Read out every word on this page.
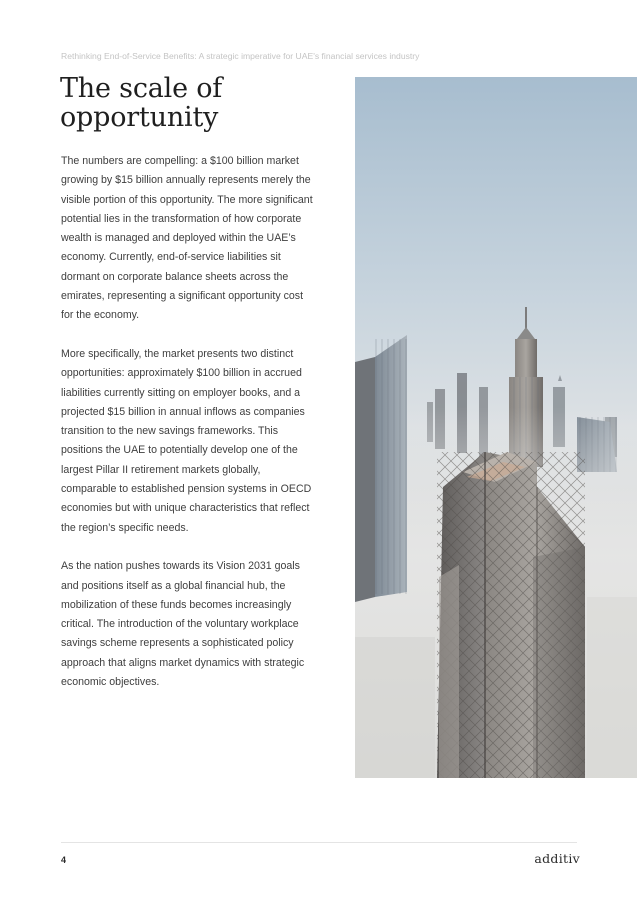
Rethinking End-of-Service Benefits: A strategic imperative for UAE's financial services industry
The scale of opportunity

The numbers are compelling: a $100 billion market growing by $15 billion annually represents merely the visible portion of this opportunity. The more significant potential lies in the transformation of how corporate wealth is managed and deployed within the UAE’s economy. Currently, end-of-service liabilities sit dormant on corporate balance sheets across the emirates, representing a significant opportunity cost for the economy.

More specifically, the market presents two distinct opportunities: approximately $100 billion in accrued liabilities currently sitting on employer books, and a projected $15 billion in annual inflows as companies transition to the new savings frameworks. This positions the UAE to potentially develop one of the largest Pillar II retirement markets globally, comparable to established pension systems in OECD economies but with unique characteristics that reflect the region’s specific needs.

As the nation pushes towards its Vision 2031 goals and positions itself as a global financial hub, the mobilization of these funds becomes increasingly critical. The introduction of the voluntary workplace savings scheme represents a sophisticated policy approach that aligns market dynamics with strategic economic objectives.

4	additiv
